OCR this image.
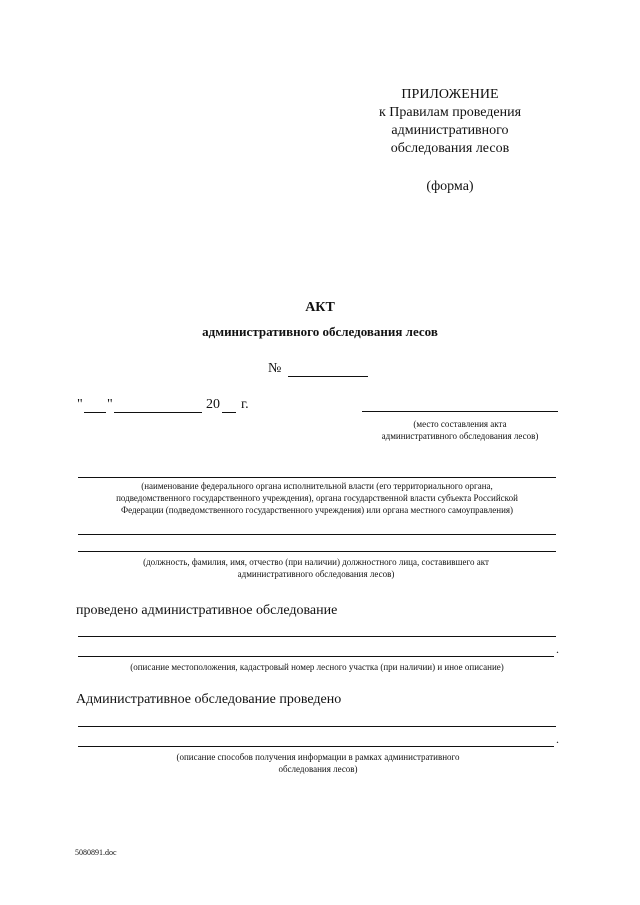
ПРИЛОЖЕНИЕ
к Правилам проведения
административного
обследования лесов
(форма)
АКТ
административного обследования лесов
№
" "	20 г.
(место составления акта
административного обследования лесов)
(наименование федерального органа исполнительной власти (его территориального органа,
подведомственного государственного учреждения), органа государственной власти субъекта Российской
Федерации (подведомственного государственного учреждения) или органа местного самоуправления)
(должность, фамилия, имя, отчество (при наличии) должностного лица, составившего акт
административного обследования лесов)
проведено административное обследование
.
(описание местоположения, кадастровый номер лесного участка (при наличии) и иное описание)
Административное обследование проведено
.
(описание способов получения информации в рамках административного
обследования лесов)
5080891.doc
